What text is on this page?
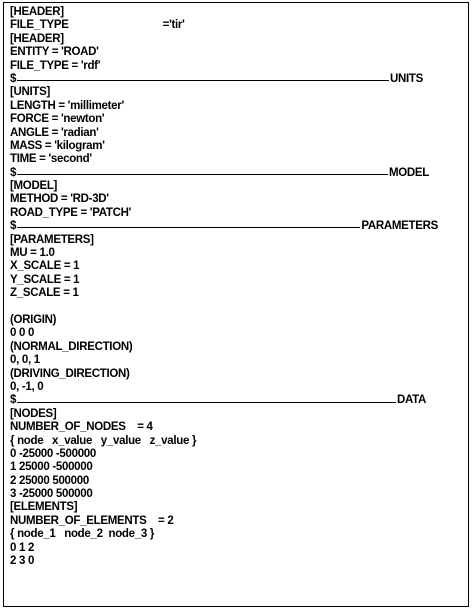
[HEADER]
FILE_TYPE	='tir'
[HEADER]
ENTITY = 'ROAD'
FILE_TYPE = 'rdf'
$	UNITS
[UNITS]
LENGTH = 'millimeter'
FORCE = 'newton'
ANGLE = 'radian'
MASS = 'kilogram'
TIME = 'second'
$	MODEL
[MODEL]
METHOD = 'RD-3D'
ROAD_TYPE = 'PATCH'
$	PARAMETERS
[PARAMETERS]
MU = 1.0
X_SCALE = 1
Y_SCALE = 1
Z_SCALE = 1
(ORIGIN)
0 0 0
(NORMAL_DIRECTION)
0, 0, 1
(DRIVING_DIRECTION)
0, -1, 0
$	DATA
[NODES]
NUMBER_OF_NODES    = 4
{ node   x_value   y_value   z_value }
0 -25000 -500000
1 25000 -500000
2 25000 500000
3 -25000 500000
[ELEMENTS]
NUMBER_OF_ELEMENTS    = 2
{ node_1   node_2  node_3 }
0 1 2
2 3 0
